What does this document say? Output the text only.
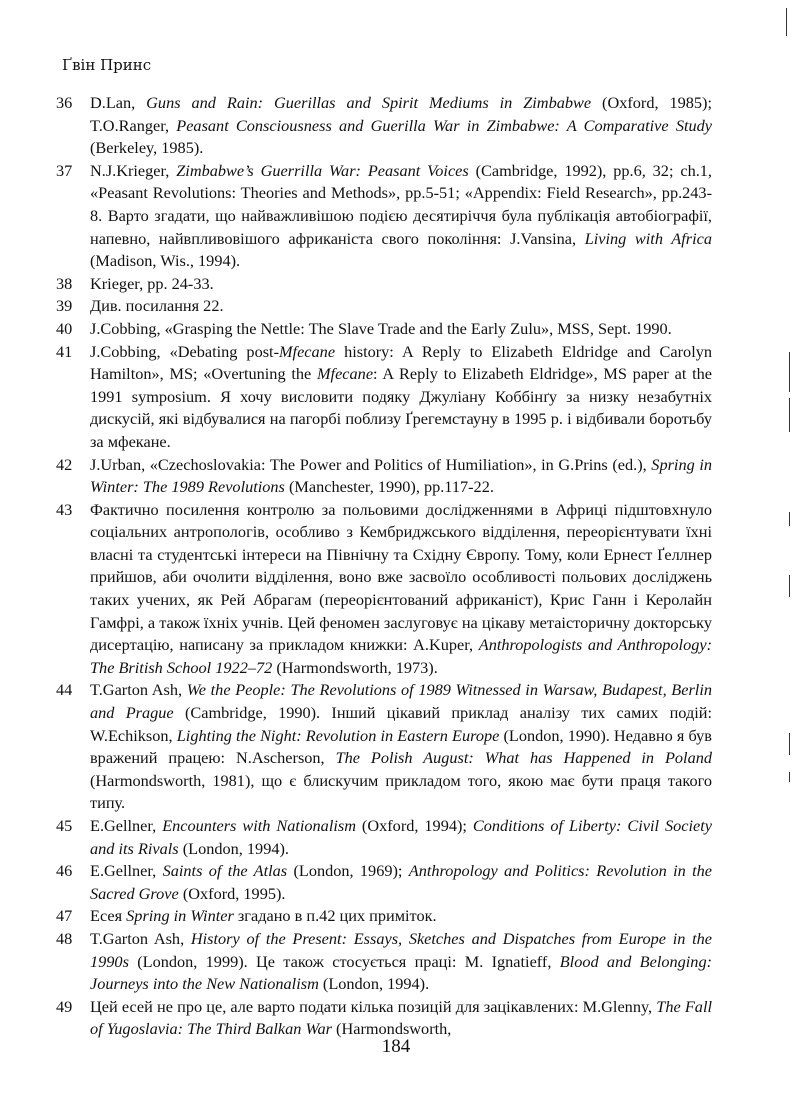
Ґвін Принс

36	D.Lan, Guns and Rain: Guerillas and Spirit Mediums in Zimbabwe (Oxford, 1985); T.O.Ranger, Peasant Consciousness and Guerilla War in Zimbabwe: A Comparative Study (Berkeley, 1985).

37	N.J.Krieger, Zimbabwe’s Guerrilla War: Peasant Voices (Cambridge, 1992), pp.6, 32; ch.1, «Peasant Revolutions: Theories and Methods», pp.5-51; «Appendix: Field Research», pp.243-8. Варто згадати, що найважливішою подією десятиріччя була публікація автобіографії, напевно, найвпливовішого африканіста свого покоління: J.Vansina, Living with Africa (Madison, Wis., 1994).

38	Krieger, pp. 24-33.

39	Див. посилання 22.

40	J.Cobbing, «Grasping the Nettle: The Slave Trade and the Early Zulu», MSS, Sept. 1990.

41	J.Cobbing, «Debating post-Mfecane history: A Reply to Elizabeth Eldridge and Carolyn Hamilton», MS; «Overtuning the Mfecane: A Reply to Elizabeth Eldridge», MS paper at the 1991 symposium. Я хочу висловити подяку Джуліану Коббінґу за низку незабутніх дискусій, які відбувалися на пагорбі поблизу Ґрегемстауну в 1995 р. і відбивали боротьбу за мфекане.

42	J.Urban, «Czechoslovakia: The Power and Politics of Humiliation», in G.Prins (ed.), Spring in Winter: The 1989 Revolutions (Manchester, 1990), pp.117-22.

43	Фактично посилення контролю за польовими дослідженнями в Африці підштовхнуло соціальних антропологів, особливо з Кембриджського відділення, переорієнтувати їхні власні та студентські інтереси на Північну та Східну Європу. Тому, коли Ернест Ґеллнер прийшов, аби очолити відділення, воно вже засвоїло особливості польових досліджень таких учених, як Рей Абрагам (переорієнтований африканіст), Крис Ганн і Керолайн Гамфрі, а також їхніх учнів. Цей феномен заслуговує на цікаву метаісторичну докторську дисертацію, написану за прикладом книжки: A.Kuper, Anthropologists and Anthropology: The British School 1922–72 (Harmondsworth, 1973).

44	T.Garton Ash, We the People: The Revolutions of 1989 Witnessed in Warsaw, Budapest, Berlin and Prague (Cambridge, 1990). Інший цікавий приклад аналізу тих самих подій: W.Echikson, Lighting the Night: Revolution in Eastern Europe (London, 1990). Недавно я був вражений працею: N.Ascherson, The Polish August: What has Happened in Poland (Harmondsworth, 1981), що є блискучим прикладом того, якою має бути праця такого типу.

45	E.Gellner, Encounters with Nationalism (Oxford, 1994); Conditions of Liberty: Civil Society and its Rivals (London, 1994).

46	E.Gellner, Saints of the Atlas (London, 1969); Anthropology and Politics: Revolution in the Sacred Grove (Oxford, 1995).

47	Есея Spring in Winter згадано в п.42 цих приміток.

48	T.Garton Ash, History of the Present: Essays, Sketches and Dispatches from Europe in the 1990s (London, 1999). Це також стосується праці: M. Ignatieff, Blood and Belonging: Journeys into the New Nationalism (London, 1994).

49	Цей есей не про це, але варто подати кілька позицій для зацікавлених: M.Glenny, The Fall of Yugoslavia: The Third Balkan War (Harmondsworth,

184
